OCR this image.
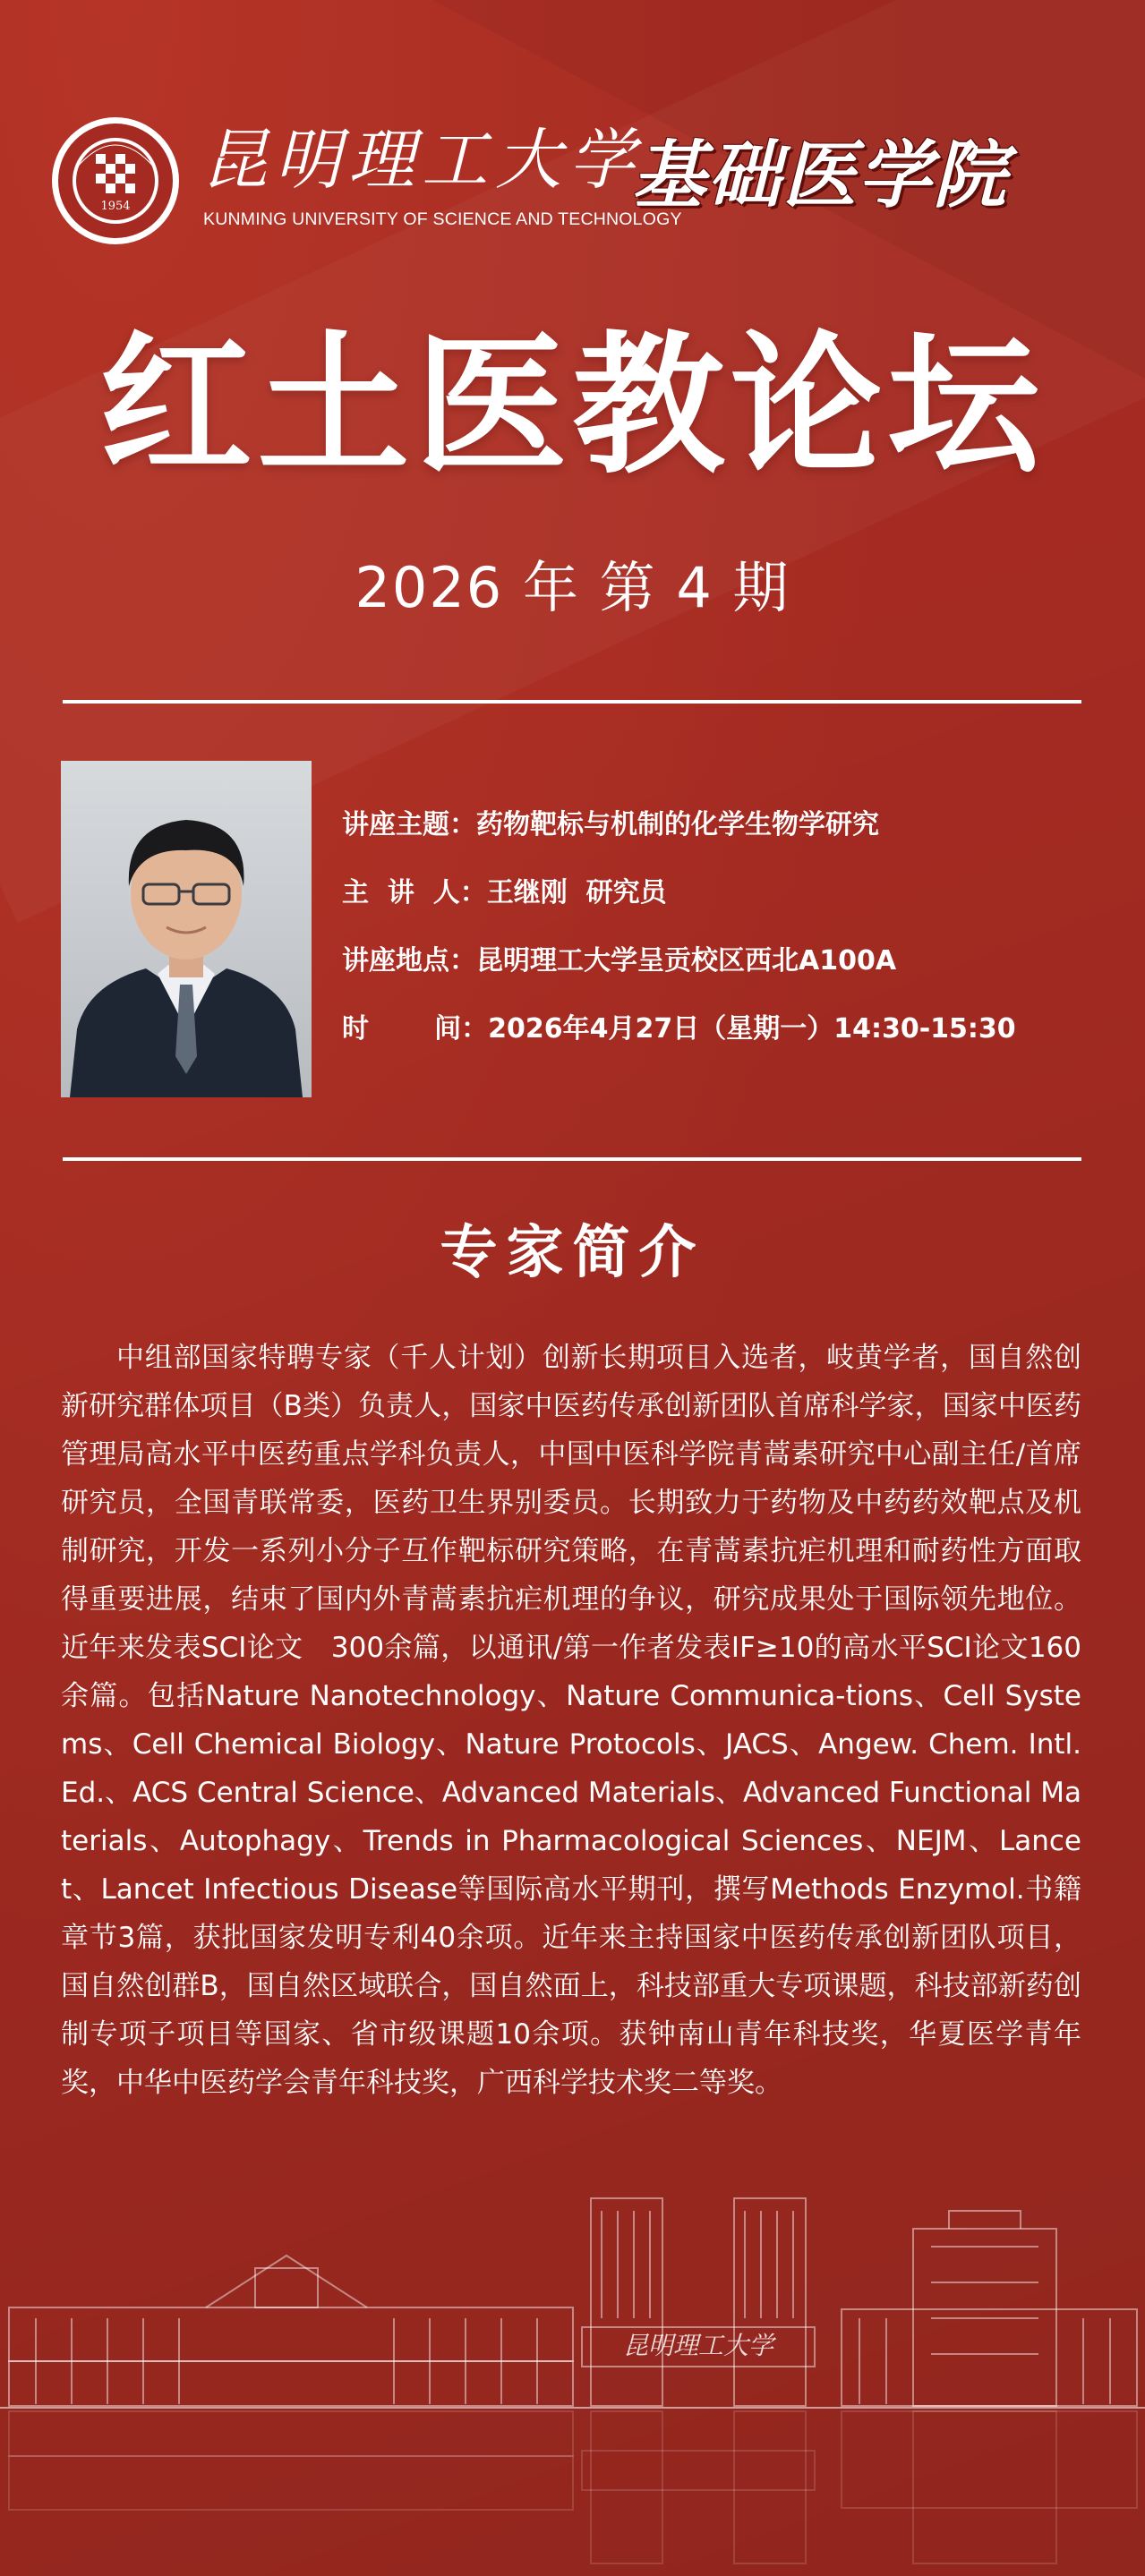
1954
昆明理工大学
KUNMING UNIVERSITY OF SCIENCE AND TECHNOLOGY
基础医学院
红土医教论坛
2026 年 第 4 期
讲座主题：药物靶标与机制的化学生物学研究
主  讲  人：王继刚  研究员
讲座地点：昆明理工大学呈贡校区西北A100A
时       间：2026年4月27日（星期一）14:30-15:30
专家简介
中组部国家特聘专家（千人计划）创新长期项目入选者，岐黄学者，国自然创新研究群体项目（B类）负责人，国家中医药传承创新团队首席科学家，国家中医药管理局高水平中医药重点学科负责人，中国中医科学院青蒿素研究中心副主任/首席研究员，全国青联常委，医药卫生界别委员。长期致力于药物及中药药效靶点及机制研究，开发一系列小分子互作靶标研究策略，在青蒿素抗疟机理和耐药性方面取得重要进展，结束了国内外青蒿素抗疟机理的争议，研究成果处于国际领先地位。近年来发表SCI论文　300余篇，以通讯/第一作者发表IF≥10的高水平SCI论文160余篇。包括Nature Nanotechnology、Nature Communica-tions、Cell Systems、Cell Chemical Biology、Nature Protocols、JACS、Angew. Chem. Intl. Ed.、ACS Central Science、Advanced Materials、Advanced Functional Materials、Autophagy、Trends in Pharmacological Sciences、NEJM、Lancet、Lancet Infectious Disease等国际高水平期刊，撰写Methods Enzymol.书籍章节3篇，获批国家发明专利40余项。近年来主持国家中医药传承创新团队项目，国自然创群B，国自然区域联合，国自然面上，科技部重大专项课题，科技部新药创制专项子项目等国家、省市级课题10余项。获钟南山青年科技奖，华夏医学青年奖，中华中医药学会青年科技奖，广西科学技术奖二等奖。
昆明理工大学
